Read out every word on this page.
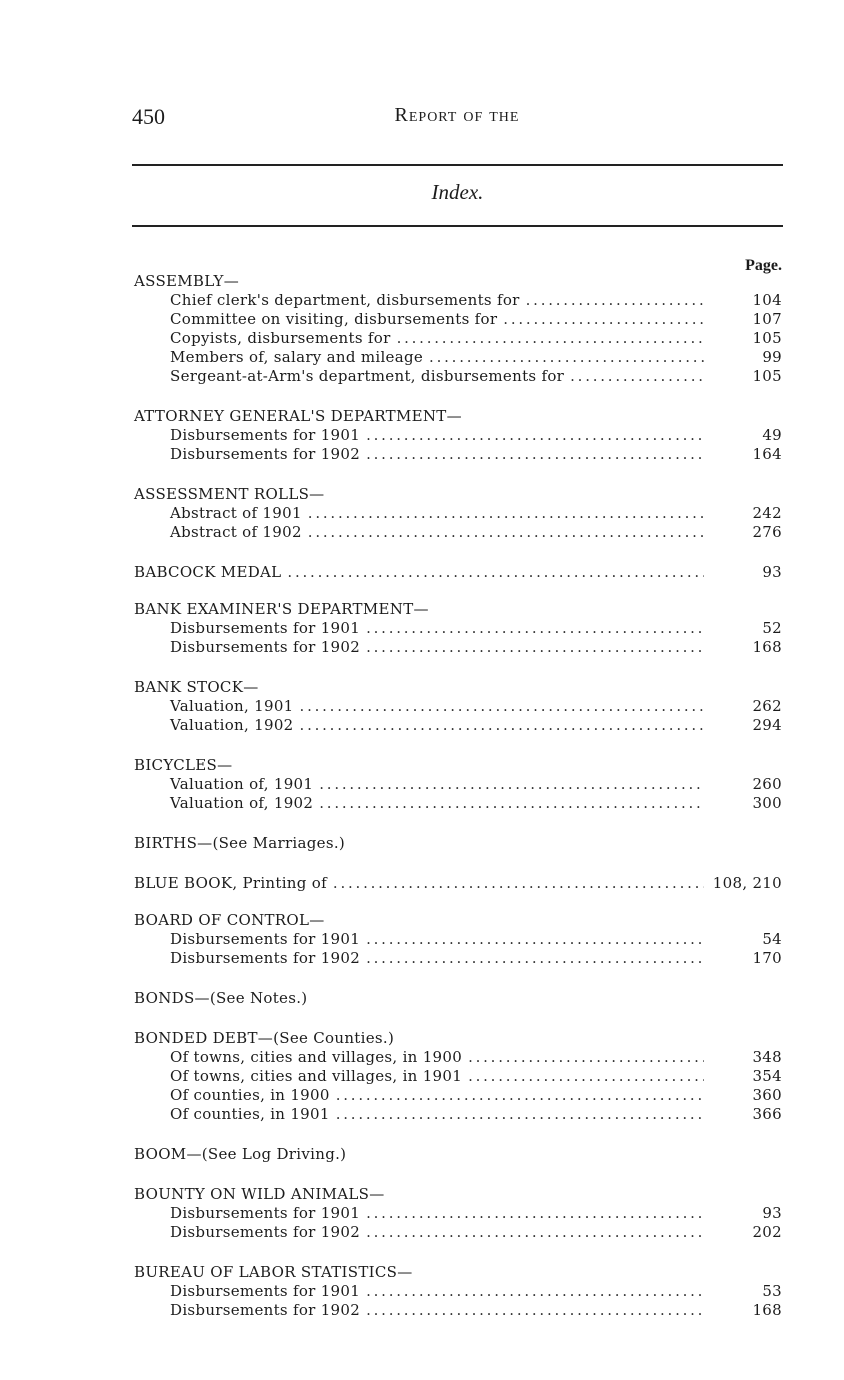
450	Report of the
Index.
Page.
ASSEMBLY—
Chief clerk's department, disbursements for . . .	104
Committee on visiting, disbursements for . . .	107
Copyists, disbursements for . . .	105
Members of, salary and mileage . . .	99
Sergeant-at-Arm's department, disbursements for . . .	105
ATTORNEY GENERAL'S DEPARTMENT—
Disbursements for 1901 . . .	49
Disbursements for 1902 . . .	164
ASSESSMENT ROLLS—
Abstract of 1901 . . .	242
Abstract of 1902 . . .	276
BABCOCK MEDAL . . .	93
BANK EXAMINER'S DEPARTMENT—
Disbursements for 1901 . . .	52
Disbursements for 1902 . . .	168
BANK STOCK—
Valuation, 1901 . . .	262
Valuation, 1902 . . .	294
BICYCLES—
Valuation of, 1901 . . .	260
Valuation of, 1902 . . .	300
BIRTHS—(See Marriages.)
BLUE BOOK, Printing of . . .	108, 210
BOARD OF CONTROL—
Disbursements for 1901 . . .	54
Disbursements for 1902 . . .	170
BONDS—(See Notes.)
BONDED DEBT—(See Counties.)
Of towns, cities and villages, in 1900 . . .	348
Of towns, cities and villages, in 1901 . . .	354
Of counties, in 1900 . . .	360
Of counties, in 1901 . . .	366
BOOM—(See Log Driving.)
BOUNTY ON WILD ANIMALS—
Disbursements for 1901 . . .	93
Disbursements for 1902 . . .	202
BUREAU OF LABOR STATISTICS—
Disbursements for 1901 . . .	53
Disbursements for 1902 . . .	168
